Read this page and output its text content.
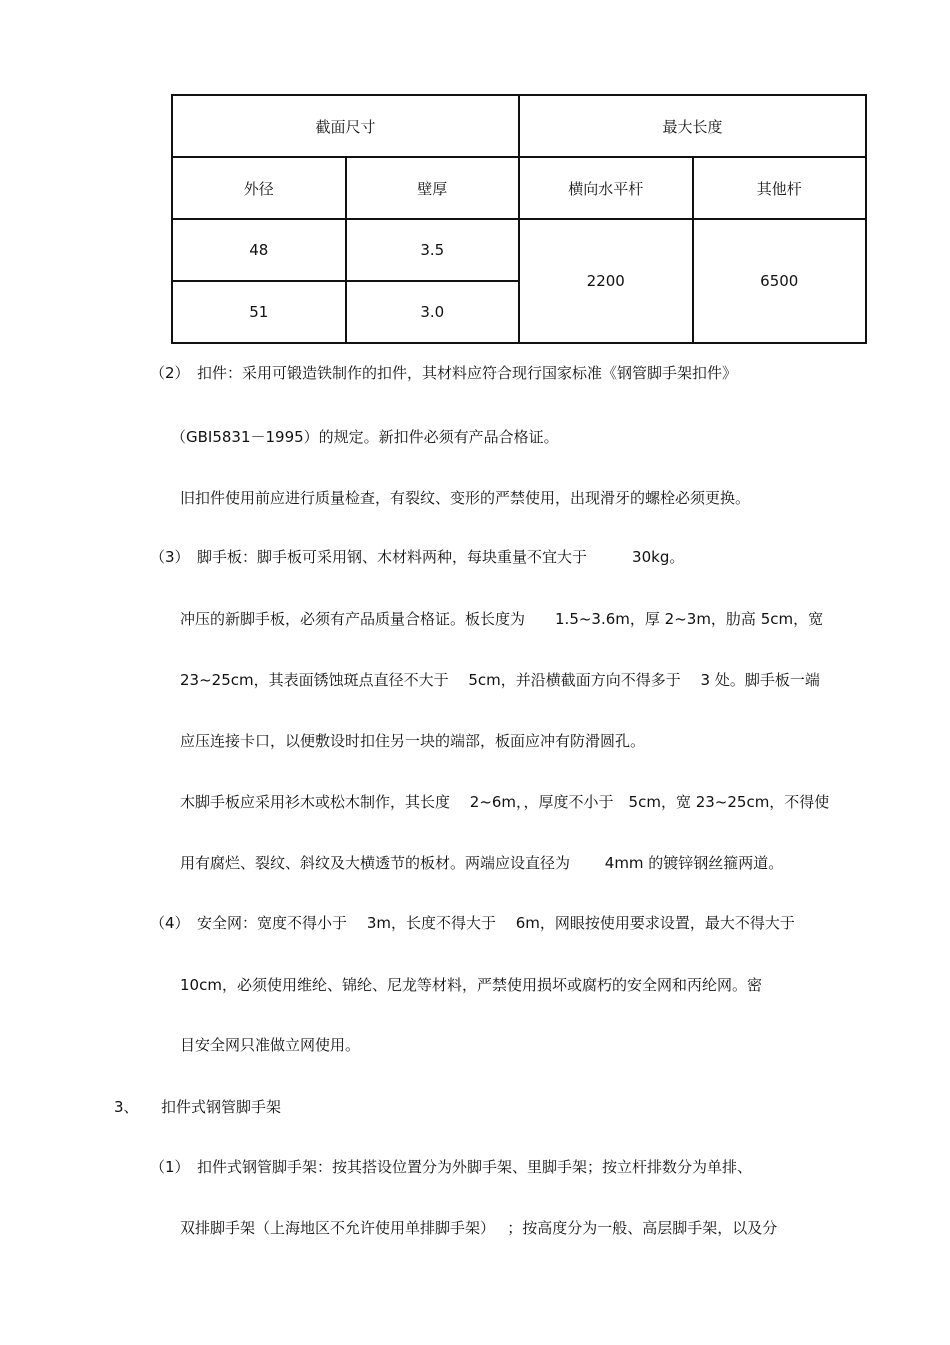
截面尺寸		最大长度	
外径	壁厚	横向水平杆	其他杆
48	3.5	2200	6500
51	3.0		
（2）　扣件：采用可锻造铁制作的扣件，其材料应符合现行国家标准《钢管脚手架扣件》
（GBI5831－1995）的规定。新扣件必须有产品合格证。
旧扣件使用前应进行质量检查，有裂纹、变形的严禁使用，出现滑牙的螺栓必须更换。
（3）　脚手板：脚手板可采用钢、木材料两种，每块重量不宜大于　　　30kg。
冲压的新脚手板，必须有产品质量合格证。板长度为　　1.5~3.6m，厚 2~3m，肋高 5cm，宽
23~25cm，其表面锈蚀斑点直径不大于　 5cm，并沿横截面方向不得多于　 3 处。脚手板一端
应压连接卡口，以便敷设时扣住另一块的端部，板面应冲有防滑圆孔。
木脚手板应采用衫木或松木制作，其长度　 2~6m，，厚度不小于　5cm，宽 23~25cm，不得使
用有腐烂、裂纹、斜纹及大横透节的板材。两端应设直径为　　 4mm 的镀锌钢丝箍两道。
（4）　安全网：宽度不得小于　 3m，长度不得大于　 6m，网眼按使用要求设置，最大不得大于
10cm，必须使用维纶、锦纶、尼龙等材料，严禁使用损坏或腐朽的安全网和丙纶网。密
目安全网只准做立网使用。
3、　　扣件式钢管脚手架
（1）　扣件式钢管脚手架：按其搭设位置分为外脚手架、里脚手架；按立杆排数分为单排、
双排脚手架（上海地区不允许使用单排脚手架）　 ；按高度分为一般、高层脚手架，以及分
